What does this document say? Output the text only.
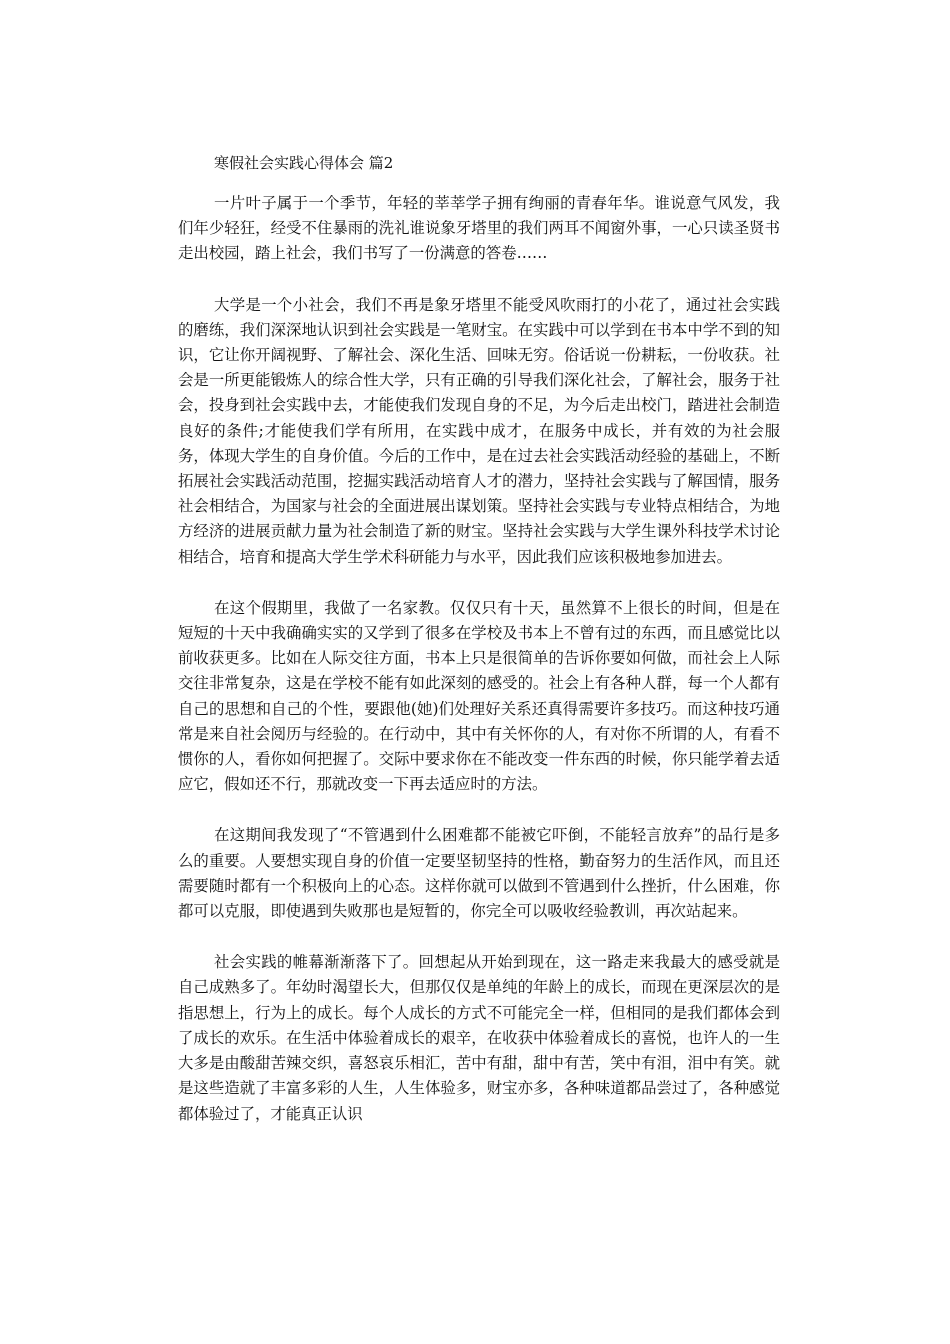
寒假社会实践心得体会 篇2

一片叶子属于一个季节，年轻的莘莘学子拥有绚丽的青春年华。谁说意气风发，我们年少轻狂，经受不住暴雨的洗礼谁说象牙塔里的我们两耳不闻窗外事，一心只读圣贤书走出校园，踏上社会，我们书写了一份满意的答卷……

大学是一个小社会，我们不再是象牙塔里不能受风吹雨打的小花了，通过社会实践的磨练，我们深深地认识到社会实践是一笔财宝。在实践中可以学到在书本中学不到的知识，它让你开阔视野、了解社会、深化生活、回味无穷。俗话说一份耕耘，一份收获。社会是一所更能锻炼人的综合性大学，只有正确的引导我们深化社会，了解社会，服务于社会，投身到社会实践中去，才能使我们发现自身的不足，为今后走出校门，踏进社会制造良好的条件;才能使我们学有所用，在实践中成才，在服务中成长，并有效的为社会服务，体现大学生的自身价值。今后的工作中，是在过去社会实践活动经验的基础上，不断拓展社会实践活动范围，挖掘实践活动培育人才的潜力，坚持社会实践与了解国情，服务社会相结合，为国家与社会的全面进展出谋划策。坚持社会实践与专业特点相结合，为地方经济的进展贡献力量为社会制造了新的财宝。坚持社会实践与大学生课外科技学术讨论相结合，培育和提高大学生学术科研能力与水平，因此我们应该积极地参加进去。

在这个假期里，我做了一名家教。仅仅只有十天，虽然算不上很长的时间，但是在短短的十天中我确确实实的又学到了很多在学校及书本上不曾有过的东西，而且感觉比以前收获更多。比如在人际交往方面，书本上只是很简单的告诉你要如何做，而社会上人际交往非常复杂，这是在学校不能有如此深刻的感受的。社会上有各种人群，每一个人都有自己的思想和自己的个性，要跟他(她)们处理好关系还真得需要许多技巧。而这种技巧通常是来自社会阅历与经验的。在行动中，其中有关怀你的人，有对你不所谓的人，有看不惯你的人，看你如何把握了。交际中要求你在不能改变一件东西的时候，你只能学着去适应它，假如还不行，那就改变一下再去适应时的方法。

在这期间我发现了“不管遇到什么困难都不能被它吓倒，不能轻言放弃”的品行是多么的重要。人要想实现自身的价值一定要坚韧坚持的性格，勤奋努力的生活作风，而且还需要随时都有一个积极向上的心态。这样你就可以做到不管遇到什么挫折，什么困难，你都可以克服，即使遇到失败那也是短暂的，你完全可以吸收经验教训，再次站起来。

社会实践的帷幕渐渐落下了。回想起从开始到现在，这一路走来我最大的感受就是自己成熟多了。年幼时渴望长大，但那仅仅是单纯的年龄上的成长，而现在更深层次的是指思想上，行为上的成长。每个人成长的方式不可能完全一样，但相同的是我们都体会到了成长的欢乐。在生活中体验着成长的艰辛，在收获中体验着成长的喜悦，也许人的一生大多是由酸甜苦辣交织，喜怒哀乐相汇，苦中有甜，甜中有苦，笑中有泪，泪中有笑。就是这些造就了丰富多彩的人生，人生体验多，财宝亦多，各种味道都品尝过了，各种感觉都体验过了，才能真正认识
